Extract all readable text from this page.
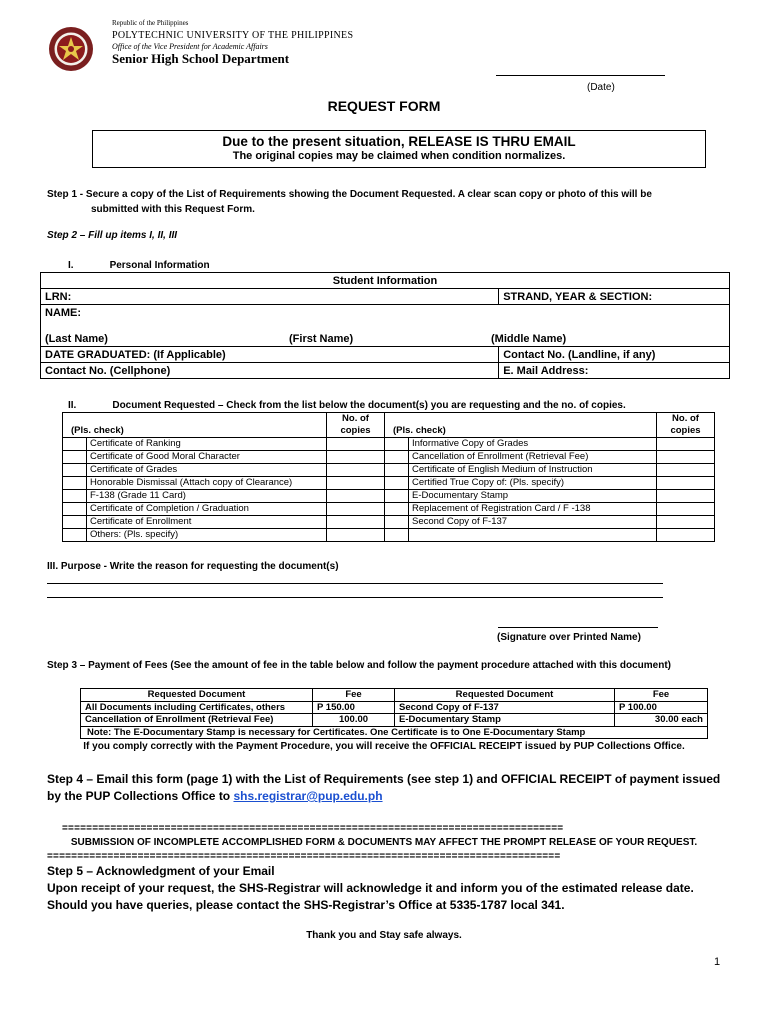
Republic of the Philippines
POLYTECHNIC UNIVERSITY OF THE PHILIPPINES
Office of the Vice President for Academic Affairs
Senior High School Department
(Date)
REQUEST FORM
Due to the present situation, RELEASE IS THRU EMAIL
The original copies may be claimed when condition normalizes.
Step 1 - Secure a copy of the List of Requirements showing the Document Requested. A clear scan copy or photo of this will be
submitted with this Request Form.
Step 2 – Fill up items I, II, III
I.	Personal Information
Student Information	
LRN:	STRAND, YEAR & SECTION:
NAME:	
(Last Name) (First Name) (Middle Name)	
DATE GRADUATED: (If Applicable)	Contact No. (Landline, if any)
Contact No. (Cellphone)	E. Mail Address:
II.	Document Requested – Check from the list below the document(s) you are requesting and the no. of copies.
(Pls. check)		No. of
copies	(Pls. check)		No. of
copies
	Certificate of Ranking			Informative Copy of Grades	
	Certificate of Good Moral Character			Cancellation of Enrollment (Retrieval Fee)	
	Certificate of Grades			Certificate of English Medium of Instruction	
	Honorable Dismissal (Attach copy of Clearance)			Certified True Copy of: (Pls. specify)	
	F-138 (Grade 11 Card)			E-Documentary Stamp	
	Certificate of Completion / Graduation			Replacement of Registration Card / F -138	
	Certificate of Enrollment			Second Copy of F-137	
	Others: (Pls. specify)				
III. Purpose - Write the reason for requesting the document(s)
(Signature over Printed Name)
Step 3 – Payment of Fees (See the amount of fee in the table below and follow the payment procedure attached with this document)
Requested Document	Fee	Requested Document	Fee
All Documents including Certificates, others	P 150.00	Second Copy of F-137	P 100.00
Cancellation of Enrollment (Retrieval Fee)	100.00	E-Documentary Stamp	30.00 each
Note: The E-Documentary Stamp is necessary for Certificates. One Certificate is to One E-Documentary Stamp			
If you comply correctly with the Payment Procedure, you will receive the OFFICIAL RECEIPT issued by PUP Collections Office.
Step 4 – Email this form (page 1) with the List of Requirements (see step 1) and OFFICIAL RECEIPT of payment issued by the PUP Collections Office to shs.registrar@pup.edu.ph
===================================================================================
SUBMISSION OF INCOMPLETE ACCOMPLISHED FORM & DOCUMENTS MAY AFFECT THE PROMPT RELEASE OF YOUR REQUEST.
=====================================================================================
Step 5 – Acknowledgment of your Email
Upon receipt of your request, the SHS-Registrar will acknowledge it and inform you of the estimated release date.
Should you have queries, please contact the SHS-Registrar’s Office at 5335-1787 local 341.
Thank you and Stay safe always.
1
